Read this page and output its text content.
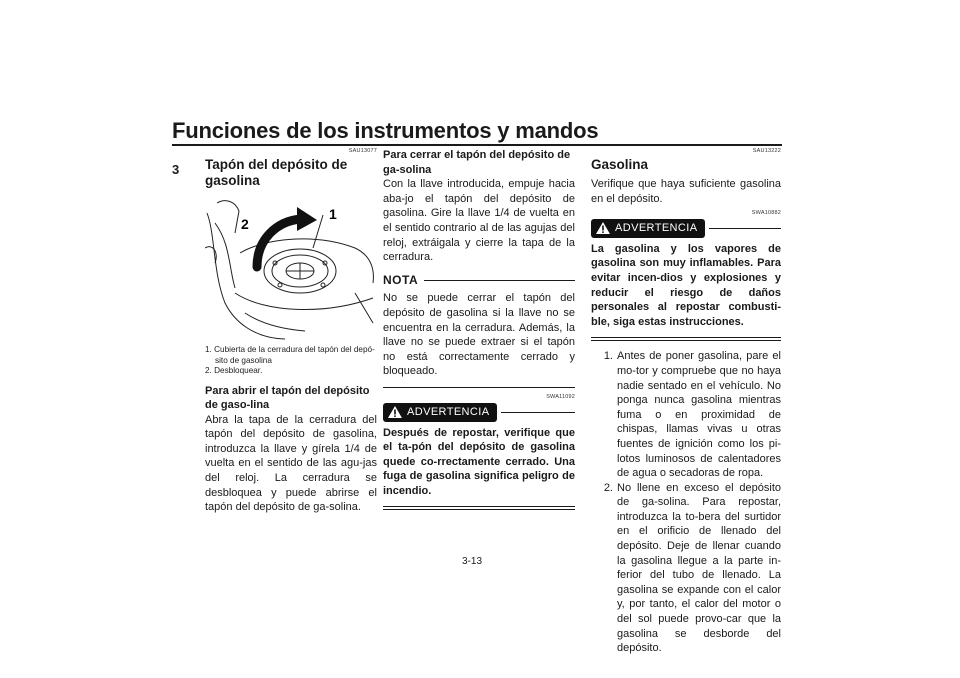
Funciones de los instrumentos y mandos
3
SAU13077
Tapón del depósito de gasolina
2
1
1. Cubierta de la cerradura del tapón del depó-sito de gasolina
2. Desbloquear.
Para abrir el tapón del depósito de gaso-lina

Abra la tapa de la cerradura del tapón del depósito de gasolina, introduzca la llave y gírela 1/4 de vuelta en el sentido de las agu-jas del reloj. La cerradura se desbloquea y puede abrirse el tapón del depósito de ga-solina.

Para cerrar el tapón del depósito de ga-solina

Con la llave introducida, empuje hacia aba-jo el tapón del depósito de gasolina. Gire la llave 1/4 de vuelta en el sentido contrario al de las agujas del reloj, extráigala y cierre la tapa de la cerradura.

NOTA

No se puede cerrar el tapón del depósito de gasolina si la llave no se encuentra en la cerradura. Además, la llave no se puede extraer si el tapón no está correctamente cerrado y bloqueado.

SWA11092
ADVERTENCIA

Después de repostar, verifique que el ta-pón del depósito de gasolina quede co-rrectamente cerrado. Una fuga de gasolina significa peligro de incendio.

SAU13222
Gasolina

Verifique que haya suficiente gasolina en el depósito.

SWA10882
ADVERTENCIA

La gasolina y los vapores de gasolina son muy inflamables. Para evitar incen-dios y explosiones y reducir el riesgo de daños personales al repostar combusti-ble, siga estas instrucciones.

1. Antes de poner gasolina, pare el mo-tor y compruebe que no haya nadie sentado en el vehículo. No ponga nunca gasolina mientras fuma o en proximidad de chispas, llamas vivas u otras fuentes de ignición como los pi-lotos luminosos de calentadores de agua o secadoras de ropa.
2. No llene en exceso el depósito de ga-solina. Para repostar, introduzca la to-bera del surtidor en el orificio de llenado del depósito. Deje de llenar cuando la gasolina llegue a la parte in-ferior del tubo de llenado. La gasolina se expande con el calor y, por tanto, el calor del motor o del sol puede provo-car que la gasolina se desborde del depósito.
3-13
